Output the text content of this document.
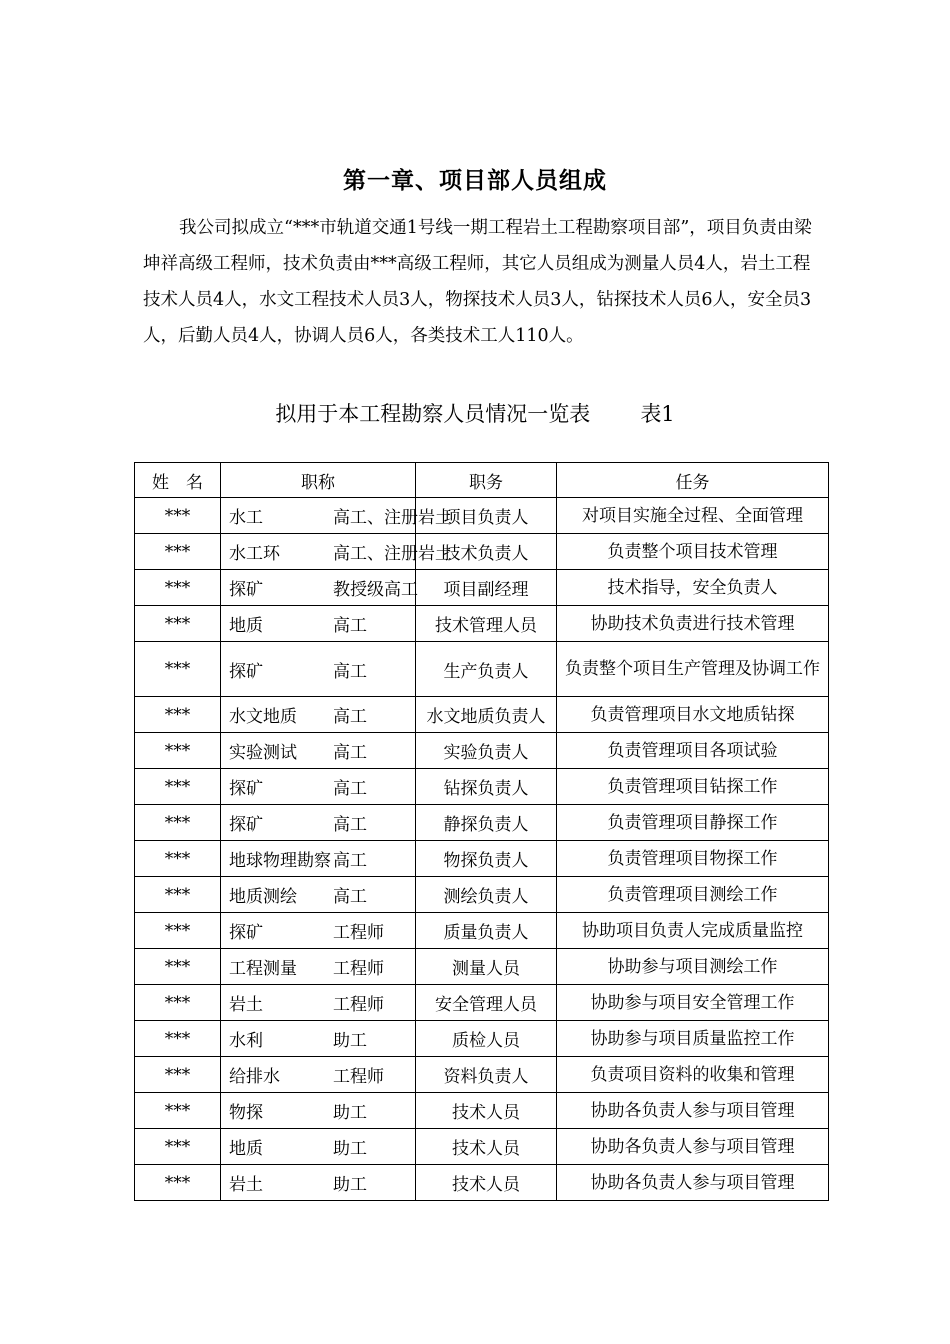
第一章、项目部人员组成

我公司拟成立“***市轨道交通1号线一期工程岩土工程勘察项目部”，项目负责由梁坤祥高级工程师，技术负责由***高级工程师，其它人员组成为测量人员4人，岩土工程技术人员4人，水文工程技术人员3人，物探技术人员3人，钻探技术人员6人，安全员3人，后勤人员4人，协调人员6人，各类技术工人110人。

拟用于本工程勘察人员情况一览表 表1
姓　名	职称	职务	任务
***	水工 高工、注册岩土	项目负责人	对项目实施全过程、全面管理
***	水工环 高工、注册岩土	技术负责人	负责整个项目技术管理
***	探矿 教授级高工	项目副经理	技术指导，安全负责人
***	地质 高工	技术管理人员	协助技术负责进行技术管理
***	探矿 高工	生产负责人	负责整个项目生产管理及协调工作
***	水文地质 高工	水文地质负责人	负责管理项目水文地质钻探
***	实验测试 高工	实验负责人	负责管理项目各项试验
***	探矿 高工	钻探负责人	负责管理项目钻探工作
***	探矿 高工	静探负责人	负责管理项目静探工作
***	地球物理勘察 高工	物探负责人	负责管理项目物探工作
***	地质测绘 高工	测绘负责人	负责管理项目测绘工作
***	探矿 工程师	质量负责人	协助项目负责人完成质量监控
***	工程测量 工程师	测量人员	协助参与项目测绘工作
***	岩土 工程师	安全管理人员	协助参与项目安全管理工作
***	水利 助工	质检人员	协助参与项目质量监控工作
***	给排水 工程师	资料负责人	负责项目资料的收集和管理
***	物探 助工	技术人员	协助各负责人参与项目管理
***	地质 助工	技术人员	协助各负责人参与项目管理
***	岩土 助工	技术人员	协助各负责人参与项目管理
